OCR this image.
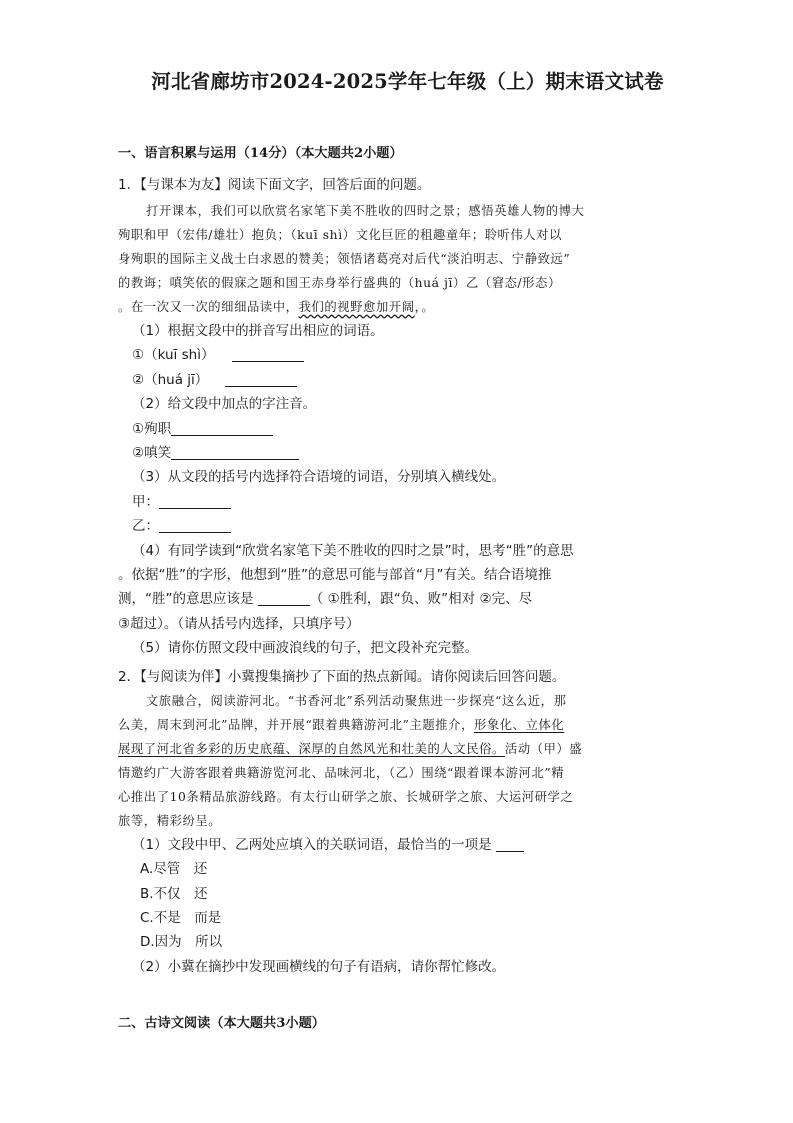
河北省廊坊市2024-2025学年七年级（上）期末语文试卷
一、语言积累与运用（14分）（本大题共2小题）
1．【与课本为友】阅读下面文字，回答后面的问题。
打开课本，我们可以欣赏名家笔下美不胜收的四时之景；感悟英雄人物的博大
殉职和甲（宏伟/雄壮）抱负；（kuī shì）文化巨匠的租趣童年；聆听伟人对以
身殉职的国际主义战士白求恩的赞美；领悟诸葛亮对后代“淡泊明志、宁静致远”
的教诲；嗔笑依的假寐之题和国王赤身举行盛典的（huá jī）乙（窘态/形态）
。在一次又一次的细细品读中，我们的视野愈加开阔，。
（1）根据文段中的拼音写出相应的词语。
①（kuī shì）
②（huá jī）
（2）给文段中加点的字注音。
①殉职
②嗔笑
（3）从文段的括号内选择符合语境的词语，分别填入横线处。
甲：
乙：
（4）有同学读到“欣赏名家笔下美不胜收的四时之景”时，思考“胜”的意思
。依据“胜”的字形，他想到“胜”的意思可能与部首“月”有关。结合语境推
测，“胜”的意思应该是	（ ①胜利，跟“负、败”相对 ②完、尽
③超过）。（请从括号内选择，只填序号）
（5）请你仿照文段中画波浪线的句子，把文段补充完整。
2．【与阅读为伴】小冀搜集摘抄了下面的热点新闻。请你阅读后回答问题。
文旅融合，阅读游河北。“书香河北”系列活动聚焦进一步探亮“这么近，那
么美，周末到河北”品牌，并开展“跟着典籍游河北”主题推介，形象化、立体化
展现了河北省多彩的历史底蕴、深厚的自然风光和壮美的人文民俗。活动（甲）盛
情邀约广大游客跟着典籍游览河北、品味河北，（乙）围绕“跟着课本游河北”精
心推出了10条精品旅游线路。有太行山研学之旅、长城研学之旅、大运河研学之
旅等，精彩纷呈。
（1）文段中甲、乙两处应填入的关联词语，最恰当的一项是
A.尽管　还
B.不仅　还
C.不是　而是
D.因为　所以
（2）小冀在摘抄中发现画横线的句子有语病，请你帮忙修改。
二、古诗文阅读（本大题共3小题）
